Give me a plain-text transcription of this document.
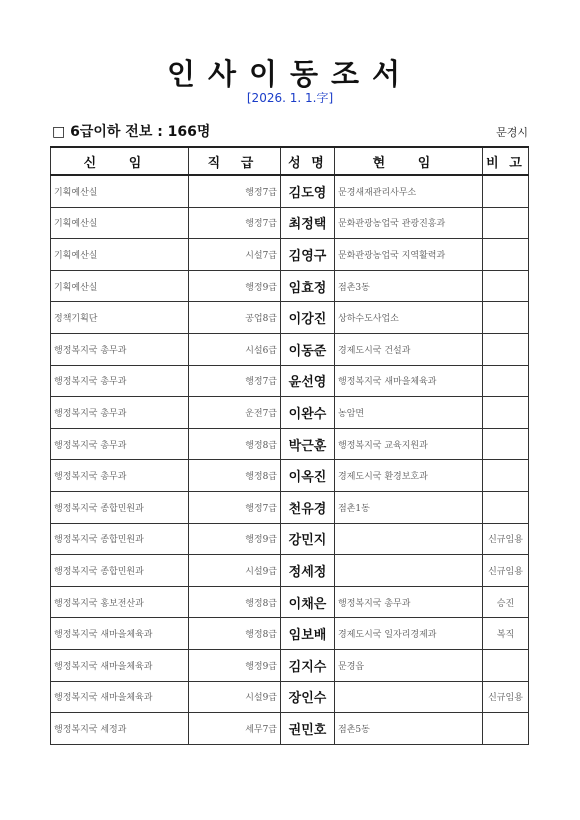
인사이동조서
[2026. 1. 1.字]
□ 6급이하 전보 : 166명	문경시
신 임	직 급	성 명	현 임	비 고
기획예산실	행정7급	김도영	문경새재관리사무소	
기획예산실	행정7급	최정택	문화관광농업국 관광진흥과	
기획예산실	시설7급	김영구	문화관광농업국 지역활력과	
기획예산실	행정9급	임효정	점촌3동	
정책기획단	공업8급	이강진	상하수도사업소	
행정복지국 총무과	시설6급	이동준	경제도시국 건설과	
행정복지국 총무과	행정7급	윤선영	행정복지국 새마을체육과	
행정복지국 총무과	운전7급	이완수	농암면	
행정복지국 총무과	행정8급	박근훈	행정복지국 교육지원과	
행정복지국 총무과	행정8급	이옥진	경제도시국 환경보호과	
행정복지국 종합민원과	행정7급	천유경	점촌1동	
행정복지국 종합민원과	행정9급	강민지		신규임용
행정복지국 종합민원과	시설9급	정세정		신규임용
행정복지국 홍보전산과	행정8급	이채은	행정복지국 총무과	승진
행정복지국 새마을체육과	행정8급	임보배	경제도시국 일자리경제과	복직
행정복지국 새마을체육과	행정9급	김지수	문경읍	
행정복지국 새마을체육과	시설9급	장인수		신규임용
행정복지국 세정과	세무7급	권민호	점촌5동	
